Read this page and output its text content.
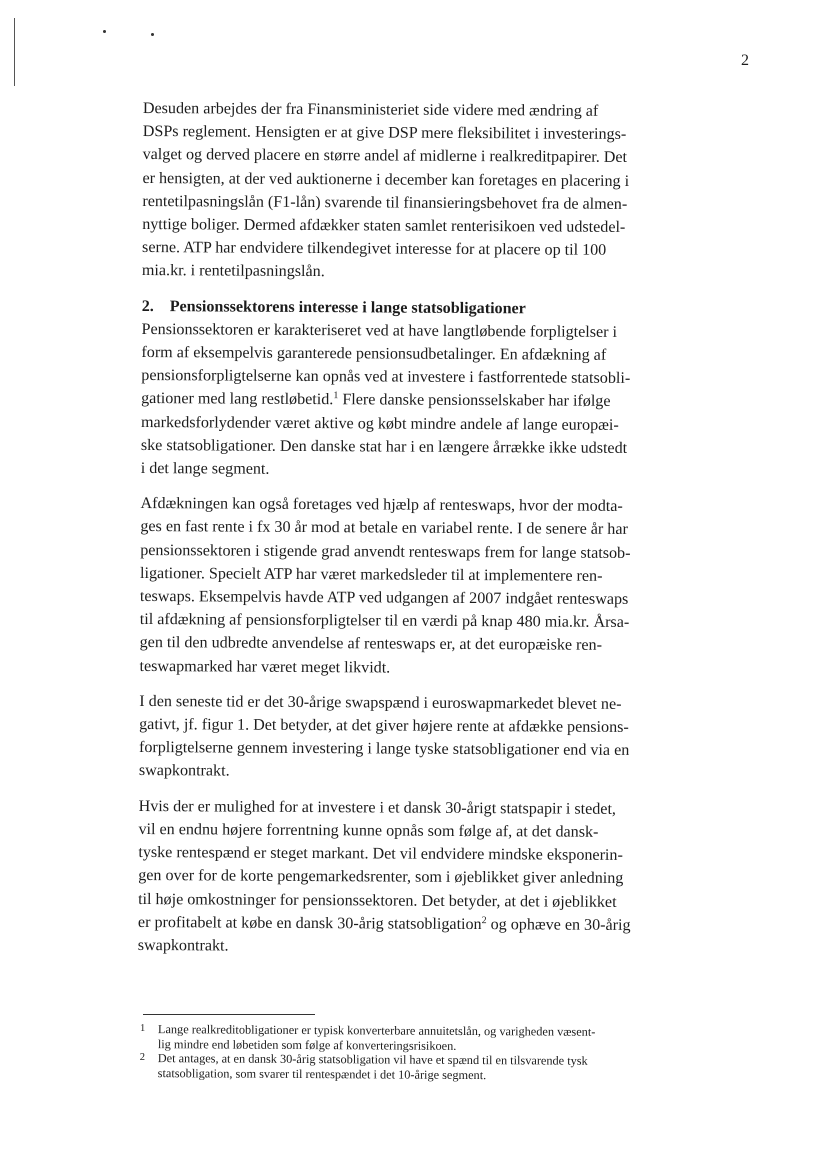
2

Desuden arbejdes der fra Finansministeriet side videre med ændring af
DSPs reglement. Hensigten er at give DSP mere fleksibilitet i investerings-
valget og derved placere en større andel af midlerne i realkreditpapirer. Det
er hensigten, at der ved auktionerne i december kan foretages en placering i
rentetilpasningslån (F1-lån) svarende til finansieringsbehovet fra de almen-
nyttige boliger. Dermed afdækker staten samlet renterisikoen ved udstedel-
serne. ATP har endvidere tilkendegivet interesse for at placere op til 100
mia.kr. i rentetilpasningslån.

2. Pensionssektorens interesse i lange statsobligationer

Pensionssektoren er karakteriseret ved at have langtløbende forpligtelser i
form af eksempelvis garanterede pensionsudbetalinger. En afdækning af
pensionsforpligtelserne kan opnås ved at investere i fastforrentede statsobli-
gationer med lang restløbetid.$^1$ Flere danske pensionsselskaber har ifølge
markedsforlydender været aktive og købt mindre andele af lange europæi-
ske statsobligationer. Den danske stat har i en længere årrække ikke udstedt
i det lange segment.

Afdækningen kan også foretages ved hjælp af renteswaps, hvor der modta-
ges en fast rente i fx 30 år mod at betale en variabel rente. I de senere år har
pensionssektoren i stigende grad anvendt renteswaps frem for lange statsob-
ligationer. Specielt ATP har været markedsleder til at implementere ren-
teswaps. Eksempelvis havde ATP ved udgangen af 2007 indgået renteswaps
til afdækning af pensionsforpligtelser til en værdi på knap 480 mia.kr. Årsa-
gen til den udbredte anvendelse af renteswaps er, at det europæiske ren-
teswapmarked har været meget likvidt.

I den seneste tid er det 30-årige swapspænd i euroswapmarkedet blevet ne-
gativt, jf. figur 1. Det betyder, at det giver højere rente at afdække pensions-
forpligtelserne gennem investering i lange tyske statsobligationer end via en
swapkontrakt.

Hvis der er mulighed for at investere i et dansk 30-årigt statspapir i stedet,
vil en endnu højere forrentning kunne opnås som følge af, at det dansk-
tyske rentespænd er steget markant. Det vil endvidere mindske eksponerin-
gen over for de korte pengemarkedsrenter, som i øjeblikket giver anledning
til høje omkostninger for pensionssektoren. Det betyder, at det i øjeblikket
er profitabelt at købe en dansk 30-årig statsobligation$^2$ og ophæve en 30-årig
swapkontrakt.

1 Lange realkreditobligationer er typisk konverterbare annuitetslån, og varigheden væsent-
lig mindre end løbetiden som følge af konverteringsrisikoen.
2 Det antages, at en dansk 30-årig statsobligation vil have et spænd til en tilsvarende tysk
statsobligation, som svarer til rentespændet i det 10-årige segment.
